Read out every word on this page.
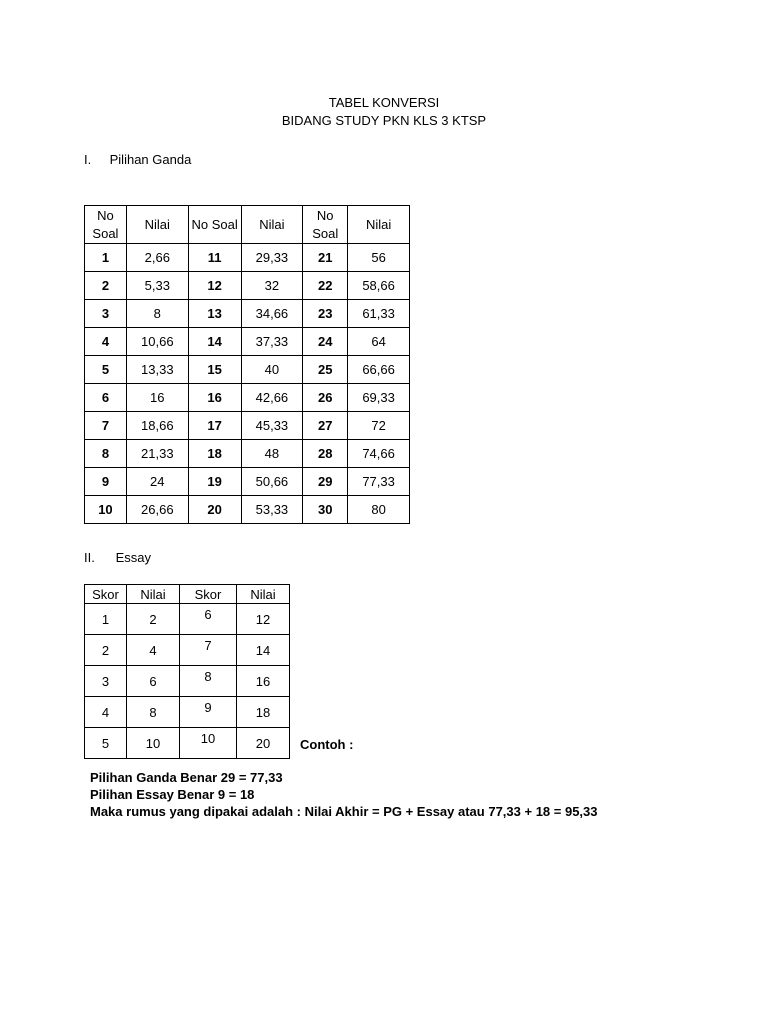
TABEL KONVERSI
BIDANG STUDY PKN KLS 3 KTSP
I. Pilihan Ganda
No Soal	Nilai	No Soal	Nilai	No Soal	Nilai
1	2,66	11	29,33	21	56
2	5,33	12	32	22	58,66
3	8	13	34,66	23	61,33
4	10,66	14	37,33	24	64
5	13,33	15	40	25	66,66
6	16	16	42,66	26	69,33
7	18,66	17	45,33	27	72
8	21,33	18	48	28	74,66
9	24	19	50,66	29	77,33
10	26,66	20	53,33	30	80
II. Essay
Skor	Nilai	Skor	Nilai
1	2	6	12
2	4	7	14
3	6	8	16
4	8	9	18
5	10	10	20 Contoh :
Pilihan Ganda Benar 29 = 77,33
Pilihan Essay Benar 9 = 18
Maka rumus yang dipakai adalah : Nilai Akhir = PG + Essay atau 77,33 + 18 = 95,33
